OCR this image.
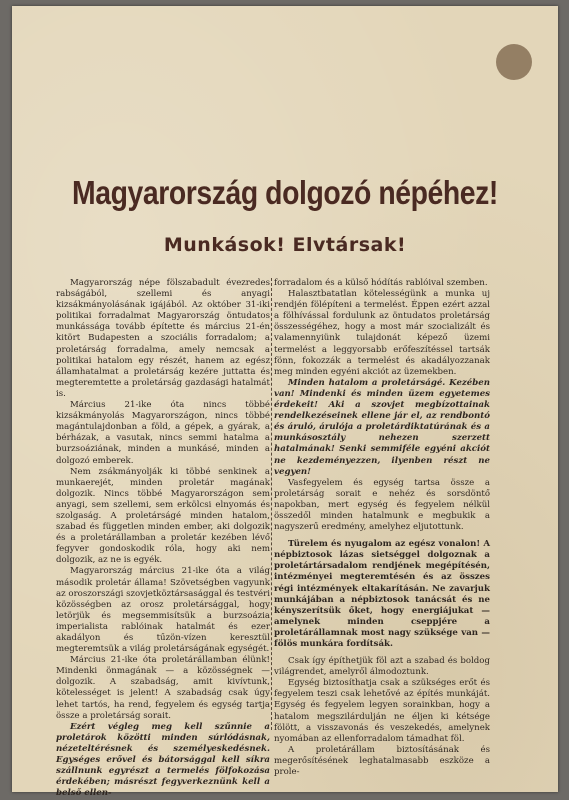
Magyarország dolgozó népéhez!
Munkások! Elvtársak!

Magyarország népe fölszabadult évezredes rabságából, szellemi és anyagi kizsákmányolásának igájából. Az október 31-iki politikai forradalmat Magyarország öntudatos munkássága tovább építette és március 21-én kitört Budapesten a szociális forradalom; a proletárság forradalma, amely nemcsak a politikai hatalom egy részét, hanem az egész államhatalmat a proletárság kezére juttatta és megteremtette a proletárság gazdasági hatalmát is.

Március 21-ike óta nincs többé kizsákmányolás Magyarországon, nincs többé magántulajdonban a föld, a gépek, a gyárak, a bérházak, a vasutak, nincs semmi hatalma a burzsoáziának, minden a munkásé, minden a dolgozó emberek.

Nem zsákmányolják ki többé senkinek a munkaerejét, minden proletár magának dolgozik. Nincs többé Magyarországon sem anyagi, sem szellemi, sem erkölcsi elnyomás és szolgaság. A proletárságé minden hatalom, szabad és független minden ember, aki dolgozik és a proletárállamban a proletár kezében lévő fegyver gondoskodik róla, hogy aki nem dolgozik, az ne is egyék.

Magyarország március 21-ike óta a világ második proletár állama! Szövetségben vagyunk az oroszországi szovjetköztársasággal és testvéri közösségben az orosz proletársággal, hogy letörjük és megsemmisítsük a burzsoázia imperialista rablóinak hatalmát és ezer akadályon és tűzön-vízen keresztül megteremtsük a világ proletárságának egységét.

Március 21-ike óta proletárállamban élünk! Mindenki önmagának — a közösségnek — dolgozik. A szabadság, amit kivívtunk, kötelességet is jelent! A szabadság csak úgy lehet tartós, ha rend, fegyelem és egység tartja össze a proletárság sorait.

Ezért végleg meg kell szűnnie a proletárok közötti minden súrlódásnak, nézeteltérésnek és személyeskedésnek. Egységes erővel és bátorsággal kell síkra szállnunk egyrészt a termelés fölfokozása érdekében; másrészt fegyverkeznünk kell a belső ellen-

forradalom és a külső hódítás rablóival szemben.

Halasztbatatlan kötelességünk a munka uj rendjén fölépíteni a termelést. Éppen ezért azzal a fölhívással fordulunk az öntudatos proletárság összességéhez, hogy a most már szocializált és valamennyiünk tulajdonát képező üzemi termelést a leggyorsabb erőfeszítéssel tartsák fönn, fokozzák a termelést és akadályozzanak meg minden egyéni akciót az üzemekben.

Minden hatalom a proletárságé. Kezében van! Mindenki és minden üzem egyetemes érdekeit! Aki a szovjet megbízottainak rendelkezéseinek ellene jár el, az rendbontó és áruló, árulója a proletárdiktatúrának és a munkásosztály nehezen szerzett hatalmának! Senki semmiféle egyéni akciót ne kezdeményezzen, ilyenben részt ne vegyen!

Vasfegyelem és egység tartsa össze a proletárság sorait e nehéz és sorsdöntő napokban, mert egység és fegyelem nélkül összedől minden hatalmunk e megbukik a nagyszerű eredmény, amelyhez eljutottunk.

Türelem és nyugalom az egész vonalon! A népbiztosok lázas sietséggel dolgoznak a proletártársadalom rendjének megépítésén, intézményei megteremtésén és az összes régi intézmények eltakarításán. Ne zavarjuk munkájában a népbiztosok tanácsát és ne kényszerítsük őket, hogy energiájukat — amelynek minden cseppjére a proletárállamnak most nagy szüksége van — fölös munkára fordítsák.

Csak így építhetjük föl azt a szabad és boldog világrendet, amelyről álmodoztunk.

Egység biztosíthatja csak a szükséges erőt és fegyelem teszi csak lehetővé az építés munkáját. Egység és fegyelem legyen sorainkban, hogy a hatalom megszilárdulján ne éljen ki kétsége fölött, a visszavonás és veszekedés, amelynek nyomában az ellenforradalom támadhat föl.

A proletárállam biztosításának és megerősítésének leghatalmasabb eszköze a prole-
